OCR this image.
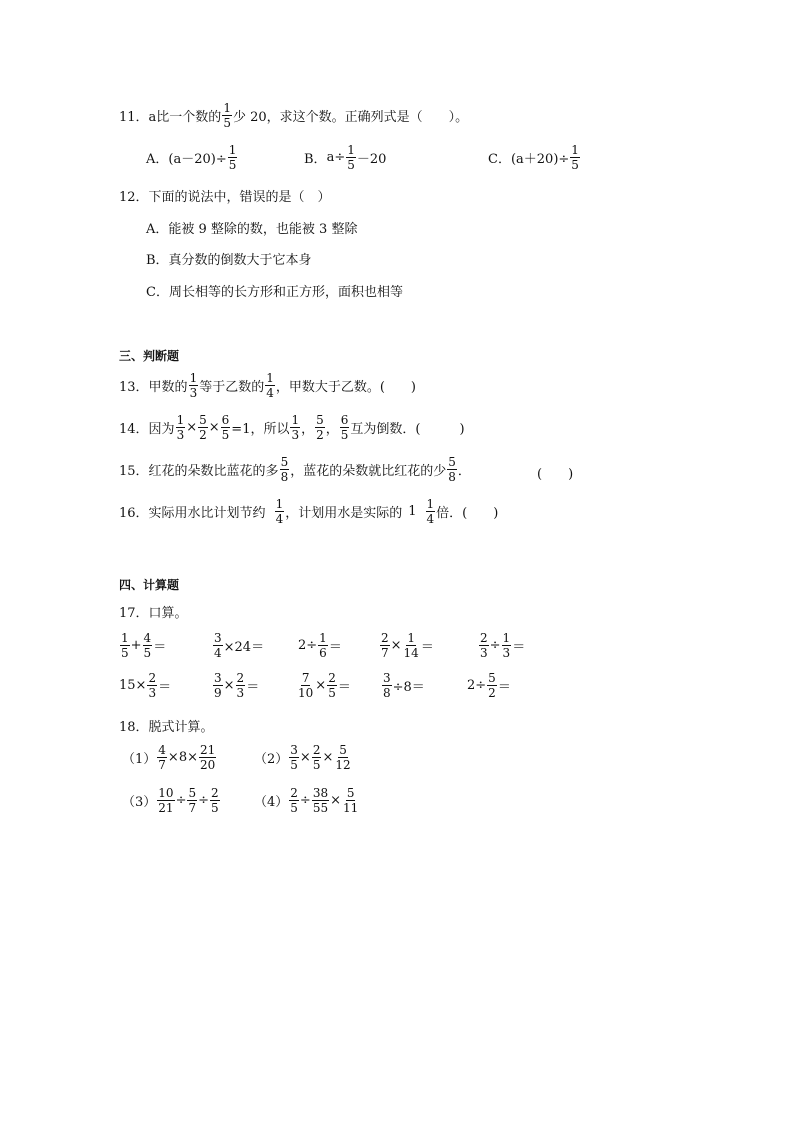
11． a比一个数的 $\frac{1}{5}$ 少 20，求这个数。正确列式是（　　）。
A． $(a-20)\div \frac{1}{5}$	B． $a\div \frac{1}{5} -20$	C． $(a+20)\div \frac{1}{5}$
12． 下面的说法中，错误的是（　）
A．能被 9 整除的数，也能被 3 整除
B．真分数的倒数大于它本身
C．周长相等的长方形和正方形，面积也相等
三、判断题
13． 甲数的 $\frac{1}{3}$ 等于乙数的 $\frac{1}{4}$ ，甲数大于乙数。(　　)
14． 因为 $\frac{1}{3} \times \frac{5}{2} \times \frac{6}{5} =1$，所以 $\frac{1}{3}$ ， $\frac{5}{2}$ ， $\frac{6}{5}$ 互为倒数．(　　　)
15． 红花的朵数比蓝花的多 $\frac{5}{8}$ ，蓝花的朵数就比红花的少 $\frac{5}{8}$ ．	(　　)
16． 实际用水比计划节约 $\frac{1}{4}$ ，计划用水是实际的 $1 \frac{1}{4}$ 倍．(　　)
四、计算题
17． 口算。
$\frac{1}{5} + \frac{4}{5}$ ＝	$\frac{3}{4} \times 24=$	$2\div \frac{1}{6}$ ＝	$\frac{2}{7} \times \frac{1}{14}$ ＝	$\frac{2}{3} \div \frac{1}{3}$ ＝
$15\times \frac{2}{3}$ ＝	$\frac{3}{9} \times \frac{2}{3}$ ＝	$\frac{7}{10} \times \frac{2}{5}$ ＝	$\frac{3}{8} \div 8=$	$2\div \frac{5}{2}$ ＝
18． 脱式计算。
$(1) \frac{4}{7} \times 8\times \frac{21}{20}$	$(2) \frac{3}{5} \times \frac{2}{5} \times \frac{5}{12}$
$(3) \frac{10}{21} \div \frac{5}{7} \div \frac{2}{5}$	$(4) \frac{2}{5} \div \frac{38}{55} \times \frac{5}{11}$
